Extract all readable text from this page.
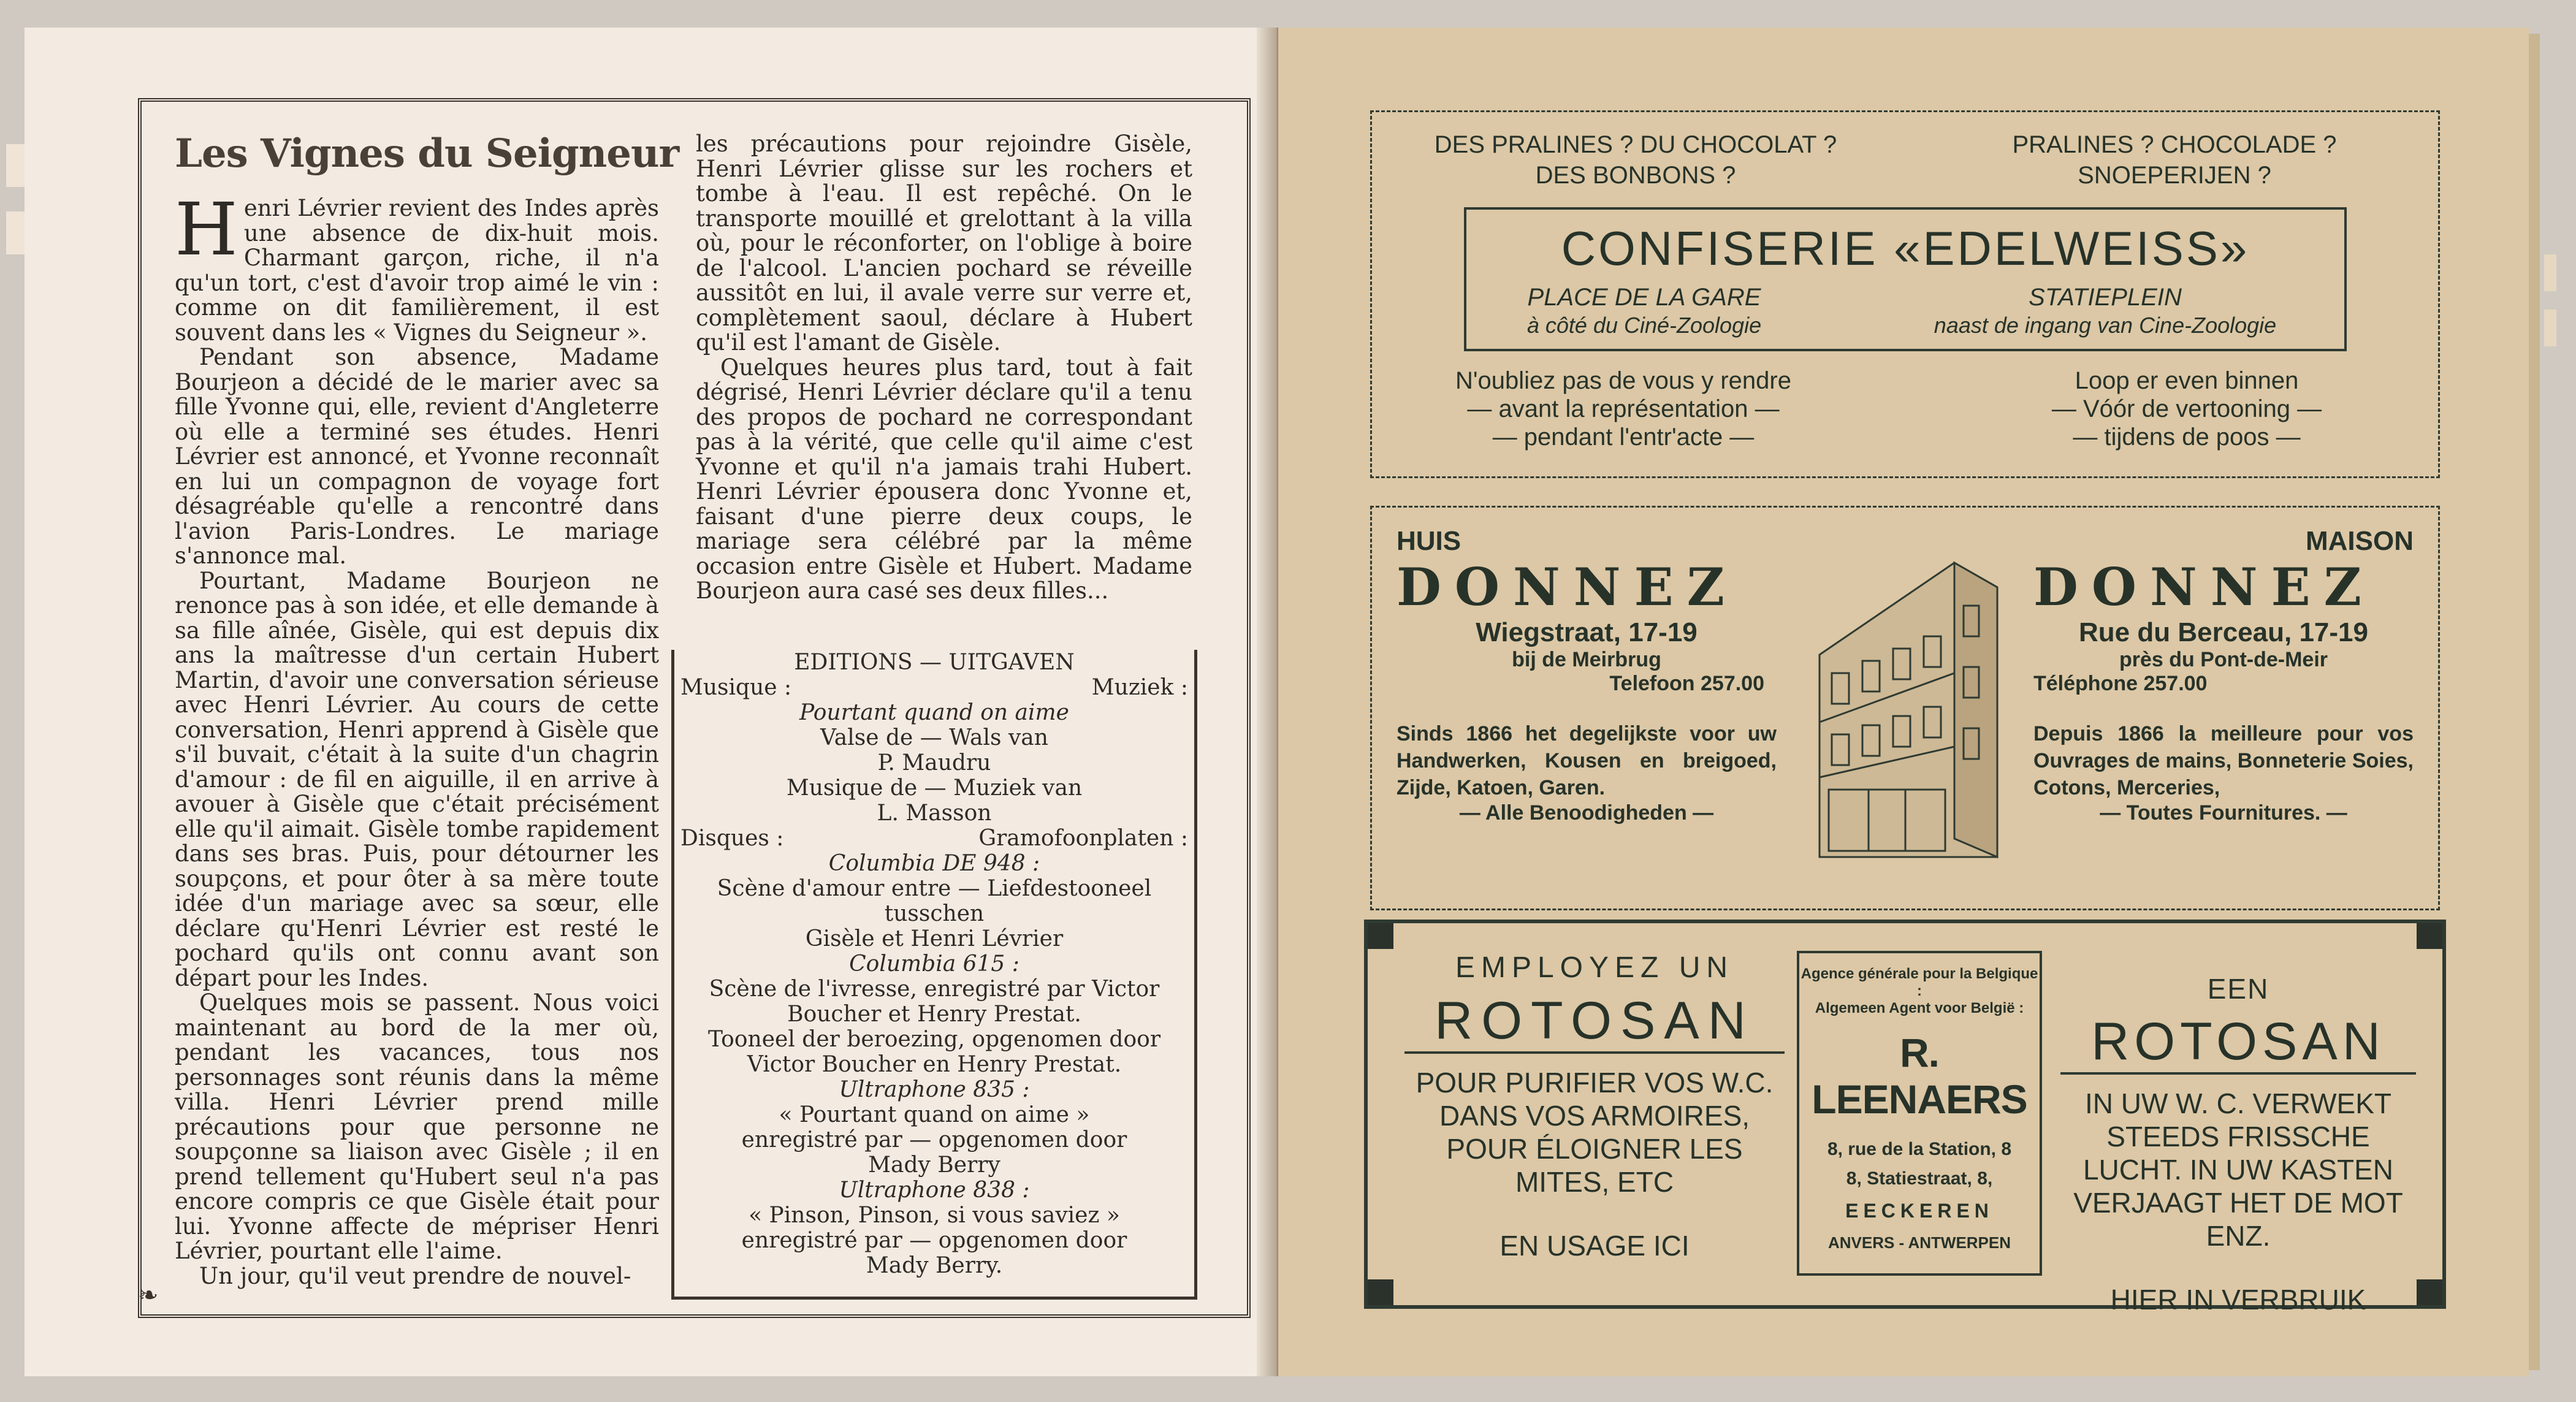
Les Vignes du Seigneur

Henri Lévrier revient des Indes après une absence de dix-huit mois. Charmant garçon, riche, il n'a qu'un tort, c'est d'avoir trop aimé le vin : comme on dit familièrement, il est souvent dans les « Vignes du Seigneur ».

Pendant son absence, Madame Bourjeon a décidé de le marier avec sa fille Yvonne qui, elle, revient d'Angleterre où elle a terminé ses études. Henri Lévrier est annoncé, et Yvonne reconnaît en lui un compagnon de voyage fort désagréable qu'elle a rencontré dans l'avion Paris-Londres. Le mariage s'annonce mal.

Pourtant, Madame Bourjeon ne renonce pas à son idée, et elle demande à sa fille aînée, Gisèle, qui est depuis dix ans la maîtresse d'un certain Hubert Martin, d'avoir une conversation sérieuse avec Henri Lévrier. Au cours de cette conversation, Henri apprend à Gisèle que s'il buvait, c'était à la suite d'un chagrin d'amour : de fil en aiguille, il en arrive à avouer à Gisèle que c'était précisément elle qu'il aimait. Gisèle tombe rapidement dans ses bras. Puis, pour détourner les soupçons, et pour ôter à sa mère toute idée d'un mariage avec sa sœur, elle déclare qu'Henri Lévrier est resté le pochard qu'ils ont connu avant son départ pour les Indes.

Quelques mois se passent. Nous voici maintenant au bord de la mer où, pendant les vacances, tous nos personnages sont réunis dans la même villa. Henri Lévrier prend mille précautions pour que personne ne soupçonne sa liaison avec Gisèle ; il en prend tellement qu'Hubert seul n'a pas encore compris ce que Gisèle était pour lui. Yvonne affecte de mépriser Henri Lévrier, pourtant elle l'aime.

Un jour, qu'il veut prendre de nouvel-

les précautions pour rejoindre Gisèle, Henri Lévrier glisse sur les rochers et tombe à l'eau. Il est repêché. On le transporte mouillé et grelottant à la villa où, pour le réconforter, on l'oblige à boire de l'alcool. L'ancien pochard se réveille aussitôt en lui, il avale verre sur verre et, complètement saoul, déclare à Hubert qu'il est l'amant de Gisèle.

Quelques heures plus tard, tout à fait dégrisé, Henri Lévrier déclare qu'il a tenu des propos de pochard ne correspondant pas à la vérité, que celle qu'il aime c'est Yvonne et qu'il n'a jamais trahi Hubert. Henri Lévrier épousera donc Yvonne et, faisant d'une pierre deux coups, le mariage sera célébré par la même occasion entre Gisèle et Hubert. Madame Bourjeon aura casé ses deux filles...

EDITIONS — UITGAVEN
Musique :	Muziek :
Pourtant quand on aime
Valse de — Wals van
P. Maudru
Musique de — Muziek van
L. Masson
Disques :	Gramofoonplaten :
Columbia DE 948 :
Scène d'amour entre — Liefdestooneel
tusschen
Gisèle et Henri Lévrier
Columbia 615 :
Scène de l'ivresse, enregistré par Victor Boucher et Henry Prestat.
Tooneel der beroezing, opgenomen door Victor Boucher en Henry Prestat.
Ultraphone 835 :
« Pourtant quand on aime »
enregistré par — opgenomen door
Mady Berry
Ultraphone 838 :
« Pinson, Pinson, si vous saviez »
enregistré par — opgenomen door
Mady Berry.
❧
DES PRALINES ? DU CHOCOLAT ?
DES BONBONS ?
PRALINES ? CHOCOLADE ?
SNOEPERIJEN ?
CONFISERIE «EDELWEISS»
PLACE DE LA GARE
à côté du Ciné-Zoologie
STATIEPLEIN
naast de ingang van Cine-Zoologie
N'oubliez pas de vous y rendre
— avant la représentation —
— pendant l'entr'acte —
Loop er even binnen
— Vóór de vertooning —
— tijdens de poos —
HUIS
DONNEZ
Wiegstraat, 17-19
bij de Meirbrug
Telefoon 257.00
Sinds 1866 het degelijkste voor uw Handwerken, Kousen en breigoed, Zijde, Katoen, Garen.
— Alle Benoodigheden —
MAISON
DONNEZ
Rue du Berceau, 17-19
près du Pont-de-Meir
Téléphone 257.00
Depuis 1866 la meilleure pour vos Ouvrages de mains, Bonneterie Soies, Cotons, Merceries,
— Toutes Fournitures. —
EMPLOYEZ UN
ROTOSAN
POUR PURIFIER VOS W.C. DANS VOS ARMOIRES, POUR ÉLOIGNER LES MITES, ETC
EN USAGE ICI
Agence générale pour la Belgique :
Algemeen Agent voor België :
R. LEENAERS
8, rue de la Station, 8
8, Statiestraat, 8,
EECKEREN
ANVERS - ANTWERPEN
EEN ROTOSAN
IN UW W. C. VERWEKT STEEDS FRISSCHE LUCHT. IN UW KASTEN VERJAAGT HET DE MOT ENZ.
HIER IN VERBRUIK
